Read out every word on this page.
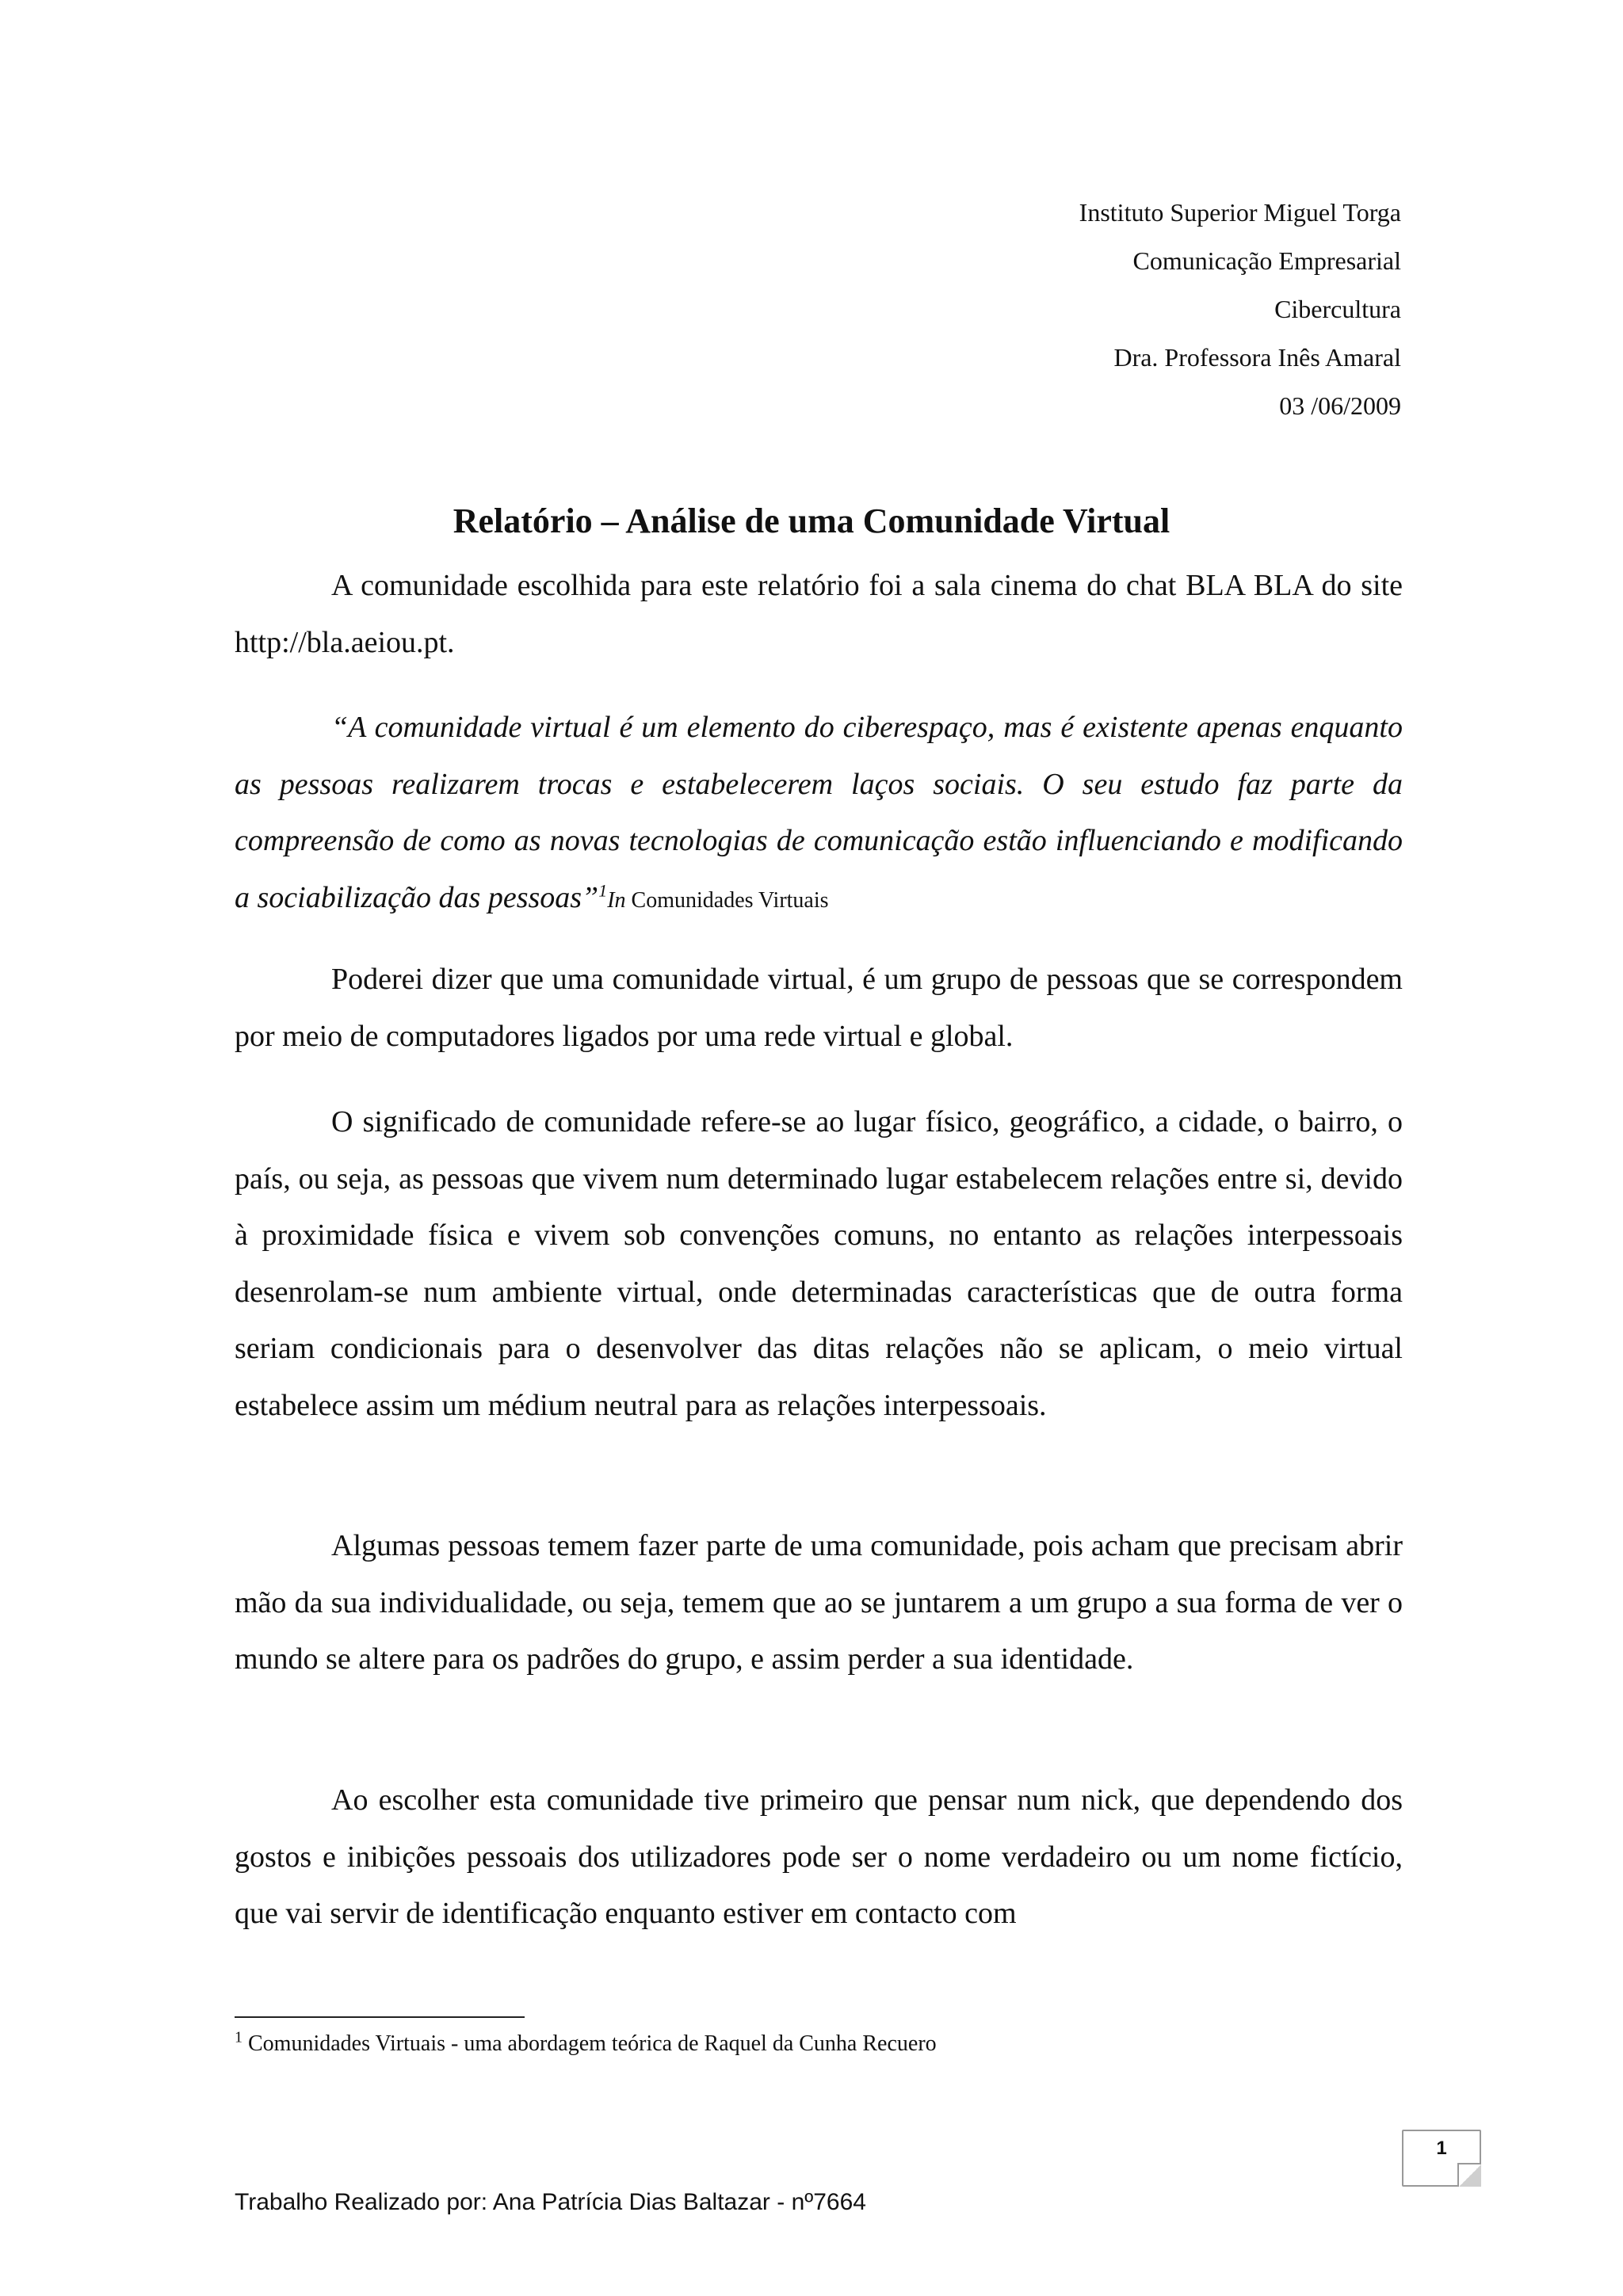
Instituto Superior Miguel Torga
Comunicação Empresarial
Cibercultura
Dra. Professora Inês Amaral
03 /06/2009
Relatório – Análise de uma Comunidade Virtual

A comunidade escolhida para este relatório foi a sala cinema do chat BLA BLA do site http://bla.aeiou.pt.

“A comunidade virtual é um elemento do ciberespaço, mas é existente apenas enquanto as pessoas realizarem trocas e estabelecerem laços sociais. O seu estudo faz parte da compreensão de como as novas tecnologias de comunicação estão influenciando e modificando a sociabilização das pessoas”$^1$In Comunidades Virtuais

Poderei dizer que uma comunidade virtual, é um grupo de pessoas que se correspondem por meio de computadores ligados por uma rede virtual e global.

O significado de comunidade refere-se ao lugar físico, geográfico, a cidade, o bairro, o país, ou seja, as pessoas que vivem num determinado lugar estabelecem relações entre si, devido à proximidade física e vivem sob convenções comuns, no entanto as relações interpessoais desenrolam-se num ambiente virtual, onde determinadas características que de outra forma seriam condicionais para o desenvolver das ditas relações não se aplicam, o meio virtual estabelece assim um médium neutral para as relações interpessoais.

Algumas pessoas temem fazer parte de uma comunidade, pois acham que precisam abrir mão da sua individualidade, ou seja, temem que ao se juntarem a um grupo a sua forma de ver o mundo se altere para os padrões do grupo, e assim perder a sua identidade.

Ao escolher esta comunidade tive primeiro que pensar num nick, que dependendo dos gostos e inibições pessoais dos utilizadores pode ser o nome verdadeiro ou um nome fictício, que vai servir de identificação enquanto estiver em contacto com

$^1$ Comunidades Virtuais - uma abordagem teórica de Raquel da Cunha Recuero
1
Trabalho Realizado por: Ana Patrícia Dias Baltazar - nº7664
